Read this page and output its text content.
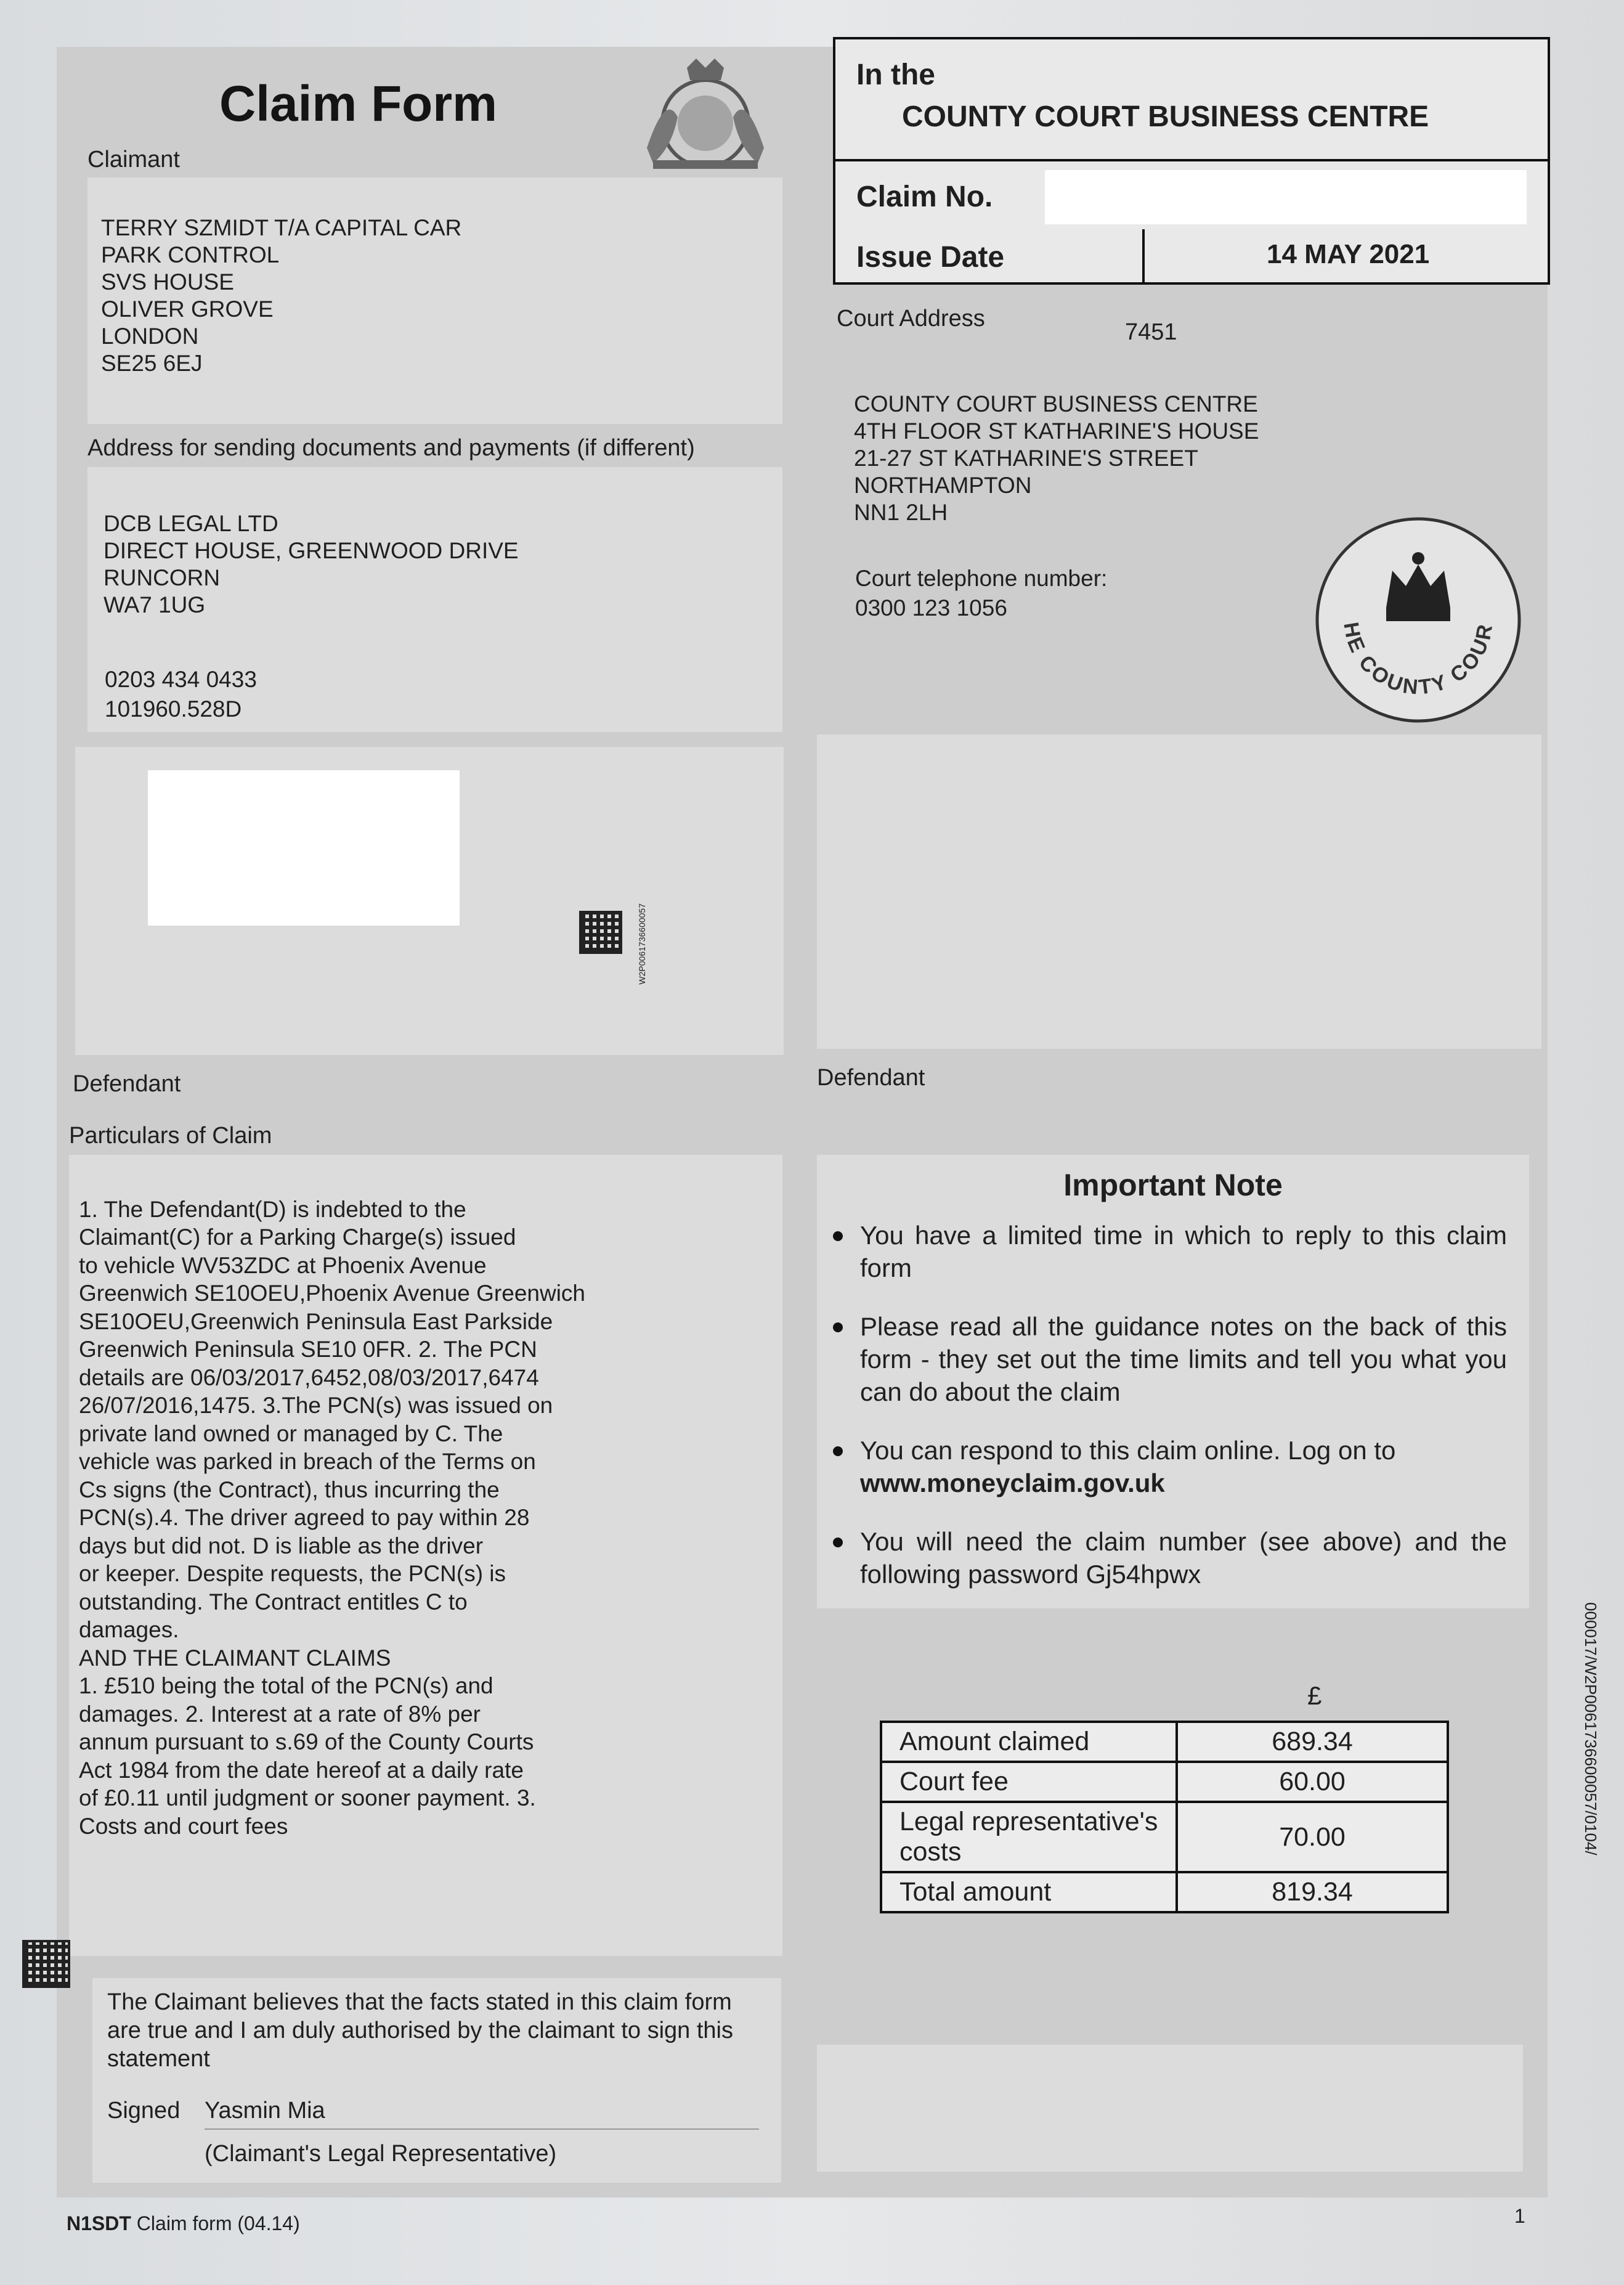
Claim Form
Claimant

TERRY SZMIDT T/A CAPITAL CAR
PARK CONTROL
SVS HOUSE
OLIVER GROVE
LONDON
SE25 6EJ

Address for sending documents and payments (if different)

DCB LEGAL LTD
DIRECT HOUSE, GREENWOOD DRIVE
RUNCORN
WA7 1UG

0203 434 0433
101960.528D
W2P0061736600057
In the
COUNTY COURT BUSINESS CENTRE
Claim No.
Issue Date	14 MAY 2021
Court Address
7451

COUNTY COURT BUSINESS CENTRE
4TH FLOOR ST KATHARINE'S HOUSE
21-27 ST KATHARINE'S STREET
NORTHAMPTON
NN1 2LH

Court telephone number:
0300 123 1056
HE COUNTY COUR
Defendant	Defendant
Particulars of Claim

1. The Defendant(D) is indebted to the
Claimant(C) for a Parking Charge(s) issued
to vehicle WV53ZDC at Phoenix Avenue
Greenwich SE10OEU,Phoenix Avenue Greenwich
SE10OEU,Greenwich Peninsula East Parkside
Greenwich Peninsula SE10 0FR. 2. The PCN
details are 06/03/2017,6452,08/03/2017,6474
26/07/2016,1475. 3.The PCN(s) was issued on
private land owned or managed by C. The
vehicle was parked in breach of the Terms on
Cs signs (the Contract), thus incurring the
PCN(s).4. The driver agreed to pay within 28
days but did not. D is liable as the driver
or keeper. Despite requests, the PCN(s) is
outstanding. The Contract entitles C to
damages.
AND THE CLAIMANT CLAIMS
1. £510 being the total of the PCN(s) and
damages. 2. Interest at a rate of 8% per
annum pursuant to s.69 of the County Courts
Act 1984 from the date hereof at a daily rate
of £0.11 until judgment or sooner payment. 3.
Costs and court fees

Important Note
You have a limited time in which to reply to this claim form
Please read all the guidance notes on the back of this form - they set out the time limits and tell you what you can do about the claim
You can respond to this claim online. Log on to
www.moneyclaim.gov.uk
You will need the claim number (see above) and the following password Gj54hpwx
£
Amount claimed	689.34
Court fee	60.00
Legal representative's costs	70.00
Total amount	819.34
The Claimant believes that the facts stated in this claim form are true and I am duly authorised by the claimant to sign this statement
Signed Yasmin Mia
(Claimant's Legal Representative)
000017/W2P0061736600057/0104/
N1SDT Claim form (04.14)	1
